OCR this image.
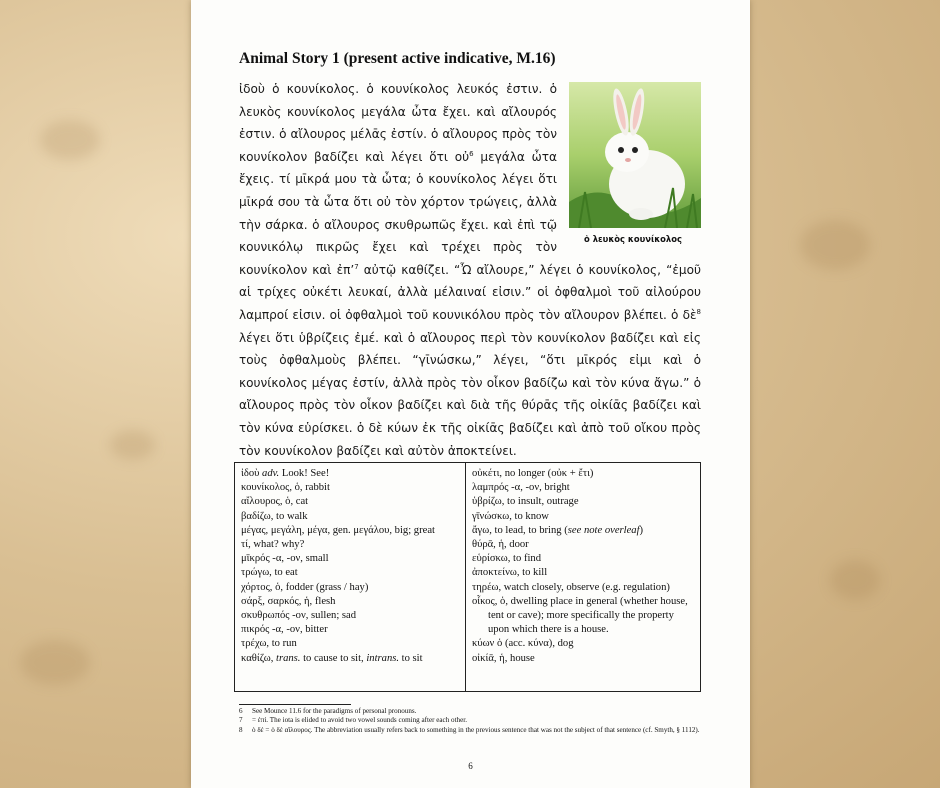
Animal Story 1 (present active indicative, M.16)
ὁ λευκὸς κουνίκολος
ἰδοὺ ὁ κουνίκολος. ὁ κουνίκολος λευκός ἐστιν. ὁ λευκὸς κουνίκολος μεγάλα ὦτα ἔχει. καὶ αἴλουρός ἐστιν. ὁ αἴλουρος μέλᾱς ἐστίν. ὁ αἴλουρος πρὸς τὸν κουνίκολον βαδίζει καὶ λέγει ὅτι οὐ$^6$ μεγάλα ὦτα ἔχεις. τί μῑκρά μου τὰ ὦτα; ὁ κουνίκολος λέγει ὅτι μῑκρά σου τὰ ὦτα ὅτι οὐ τὸν χόρτον τρώγεις, ἀλλὰ τὴν σάρκα. ὁ αἴλουρος σκυθρωπῶς ἔχει. καὶ ἐπὶ τῷ κουνικόλῳ πικρῶς ἔχει καὶ τρέχει πρὸς τὸν κουνίκολον καὶ ἐπ’$^7$ αὐτῷ καθίζει. “Ὦ αἴλουρε,” λέγει ὁ κουνίκολος, “ἐμοῦ αἱ τρίχες οὐκέτι λευκαί, ἀλλὰ μέλαιναί εἰσιν.” οἱ ὀφθαλμοὶ τοῦ αἰλούρου λαμπροί εἰσιν. οἱ ὀφθαλμοὶ τοῦ κουνικόλου πρὸς τὸν αἴλουρον βλέπει. ὁ δὲ$^8$ λέγει ὅτι ὑβρίζεις ἐμέ. καὶ ὁ αἴλουρος περὶ τὸν κουνίκολον βαδίζει καὶ εἰς τοὺς ὀφθαλμοὺς βλέπει. “γῑνώσκω,” λέγει, “ὅτι μῑκρός εἰμι καὶ ὁ κουνίκολος μέγας ἐστίν, ἀλλὰ πρὸς τὸν οἶκον βαδίζω καὶ τὸν κύνα ἄγω.” ὁ αἴλουρος πρὸς τὸν οἶκον βαδίζει καὶ διὰ τῆς θύρᾱς τῆς οἰκίᾱς βαδίζει καὶ τὸν κύνα εὑρίσκει. ὁ δὲ κύων ἐκ τῆς οἰκίᾱς βαδίζει καὶ ἀπὸ τοῦ οἴκου πρὸς τὸν κουνίκολον βαδίζει καὶ αὐτὸν ἀποκτείνει.
ἰδοὺ adv. Look! See!
κουνίκολος, ὁ, rabbit
αἴλουρος, ὁ, cat
βαδίζω, to walk
μέγας, μεγάλη, μέγα, gen. μεγάλου, big; great
τί, what? why?
μῑκρός -α, -ον, small
τρώγω, to eat
χόρτος, ὁ, fodder (grass / hay)
σάρξ, σαρκός, ἡ, flesh
σκυθρωπός -ον, sullen; sad
πικρός -α, -ον, bitter
τρέχω, to run
καθίζω, trans. to cause to sit, intrans. to sit
οὐκέτι, no longer (οὐκ + ἔτι)
λαμπρός -α, -ον, bright
ὑβρίζω, to insult, outrage
γῑνώσκω, to know
ἄγω, to lead, to bring (see note overleaf)
θύρᾱ, ἡ, door
εὑρίσκω, to find
ἀποκτείνω, to kill
τηρέω, watch closely, observe (e.g. regulation)
οἶκος, ὁ, dwelling place in general (whether house, tent or cave); more specifically the property upon which there is a house.
κύων ὁ (acc. κύνα), dog
οἰκίᾱ, ἡ, house
6	See Mounce 11.6 for the paradigms of personal pronouns.
7	= ἐπί. The iota is elided to avoid two vowel sounds coming after each other.
8	ὁ δέ = ὁ δὲ αἴλουρος. The abbreviation usually refers back to something in the previous sentence that was not the subject of that sentence (cf. Smyth, § 1112).
6
